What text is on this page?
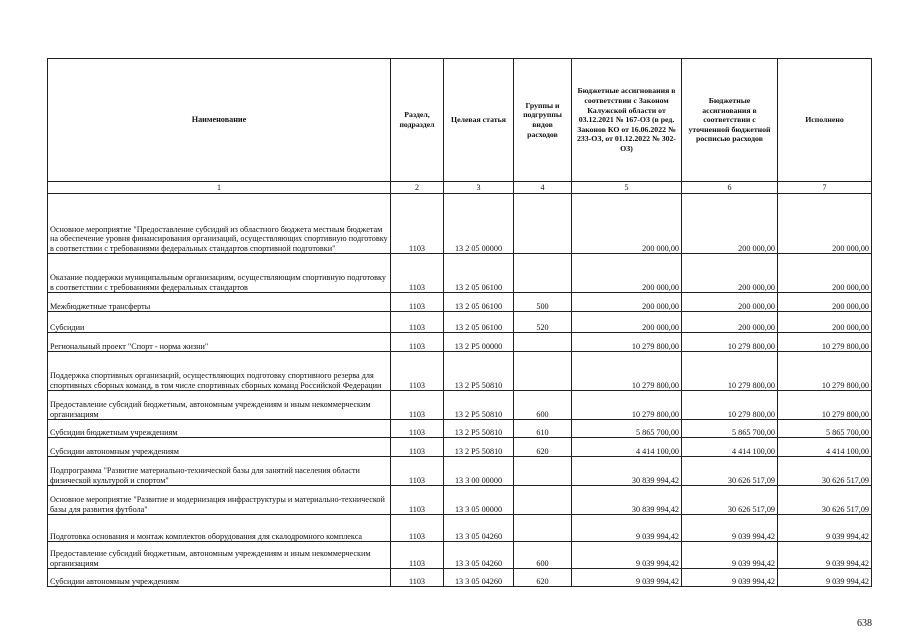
Наименование	Раздел, подраздел	Целевая статья	Группы и подгруппы видов расходов	Бюджетные ассигнования в соответствии с Законом Калужской области от 03.12.2021 № 167-ОЗ (в ред. Законов КО от 16.06.2022 № 233-ОЗ, от 01.12.2022 № 302-ОЗ)	Бюджетные ассигнования в соответствии с уточненной бюджетной росписью расходов	Исполнено
1	2	3	4	5	6	7
Основное мероприятие "Предоставление субсидий из областного бюджета местным бюджетам на обеспечение уровня финансирования организаций, осуществляющих спортивную подготовку в соответствии с требованиями федеральных стандартов спортивной подготовки"	1103	13 2 05 00000		200 000,00	200 000,00	200 000,00
Оказание поддержки муниципальным организациям, осуществляющим спортивную подготовку в соответствии с требованиями федеральных стандартов	1103	13 2 05 06100		200 000,00	200 000,00	200 000,00
Межбюджетные трансферты	1103	13 2 05 06100	500	200 000,00	200 000,00	200 000,00
Субсидии	1103	13 2 05 06100	520	200 000,00	200 000,00	200 000,00
Региональный проект "Спорт - норма жизни"	1103	13 2 P5 00000		10 279 800,00	10 279 800,00	10 279 800,00
Поддержка спортивных организаций, осуществляющих подготовку спортивного резерва для спортивных сборных команд, в том числе спортивных сборных команд Российской Федерации	1103	13 2 P5 50810		10 279 800,00	10 279 800,00	10 279 800,00
Предоставление субсидий бюджетным, автономным учреждениям и иным некоммерческим организациям	1103	13 2 P5 50810	600	10 279 800,00	10 279 800,00	10 279 800,00
Субсидии бюджетным учреждениям	1103	13 2 P5 50810	610	5 865 700,00	5 865 700,00	5 865 700,00
Субсидии автономным учреждениям	1103	13 2 P5 50810	620	4 414 100,00	4 414 100,00	4 414 100,00
Подпрограмма "Развитие материально-технической базы для занятий населения области физической культурой и спортом"	1103	13 3 00 00000		30 839 994,42	30 626 517,09	30 626 517,09
Основное мероприятие "Развитие и модернизация инфраструктуры и материально-технической базы для развития футбола"	1103	13 3 05 00000		30 839 994,42	30 626 517,09	30 626 517,09
Подготовка основания и монтаж комплектов оборудования для скалодромного комплекса	1103	13 3 05 04260		9 039 994,42	9 039 994,42	9 039 994,42
Предоставление субсидий бюджетным, автономным учреждениям и иным некоммерческим организациям	1103	13 3 05 04260	600	9 039 994,42	9 039 994,42	9 039 994,42
Субсидии автономным учреждениям	1103	13 3 05 04260	620	9 039 994,42	9 039 994,42	9 039 994,42
638
